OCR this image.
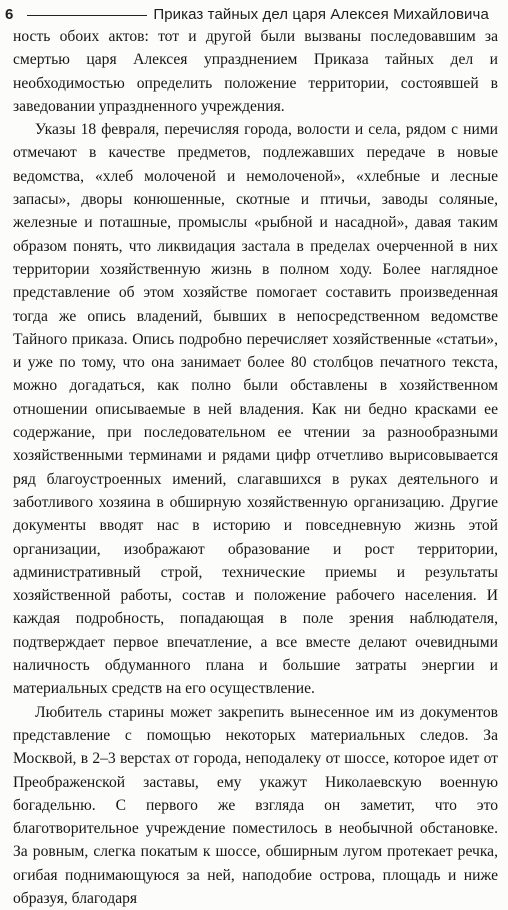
6	Приказ тайных дел царя Алексея Михайловича

ность обоих актов: тот и другой были вызваны последовавшим за смертью царя Алексея упразднением Приказа тайных дел и необходимостью определить положение территории, состоявшей в заведовании упраздненного учреждения.

Указы 18 февраля, перечисляя города, волости и села, рядом с ними отмечают в качестве предметов, подлежавших передаче в новые ведомства, «хлеб молоченой и немолоченой», «хлебные и лесные запасы», дворы конюшенные, скотные и птичьи, заводы соляные, железные и поташные, промыслы «рыбной и насадной», давая таким образом понять, что ликвидация застала в пределах очерченной в них территории хозяйственную жизнь в полном ходу. Более наглядное представление об этом хозяйстве помогает составить произведенная тогда же опись владений, бывших в непосредственном ведомстве Тайного приказа. Опись подробно перечисляет хозяйственные «статьи», и уже по тому, что она занимает более 80 столбцов печатного текста, можно догадаться, как полно были обставлены в хозяйственном отношении описываемые в ней владения. Как ни бедно красками ее содержание, при последовательном ее чтении за разнообразными хозяйственными терминами и рядами цифр отчетливо вырисовывается ряд благоустроенных имений, слагавшихся в руках деятельного и заботливого хозяина в обширную хозяйственную организацию. Другие документы вводят нас в историю и повседневную жизнь этой организации, изображают образование и рост территории, административный строй, технические приемы и результаты хозяйственной работы, состав и положение рабочего населения. И каждая подробность, попадающая в поле зрения наблюдателя, подтверждает первое впечатление, а все вместе делают очевидными наличность обдуманного плана и большие затраты энергии и материальных средств на его осуществление.

Любитель старины может закрепить вынесенное им из документов представление с помощью некоторых материальных следов. За Москвой, в 2–3 верстах от города, неподалеку от шоссе, которое идет от Преображенской заставы, ему укажут Николаевскую военную богадельню. С первого же взгляда он заметит, что это благотворительное учреждение поместилось в необычной обстановке. За ровным, слегка покатым к шоссе, обширным лугом протекает речка, огибая поднимающуюся за ней, наподобие острова, площадь и ниже образуя, благодаря
